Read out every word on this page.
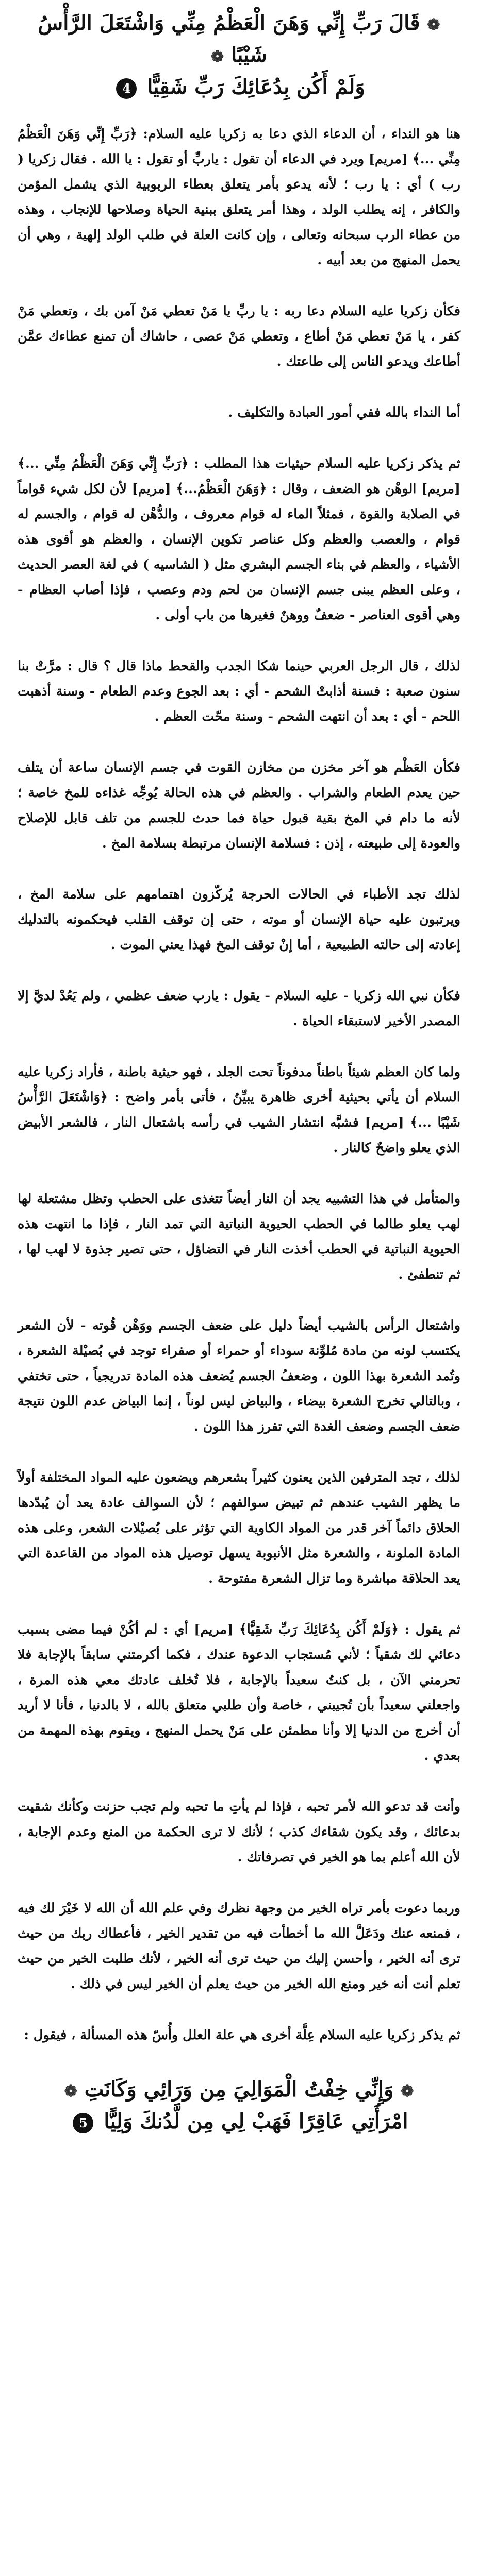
❁ قَالَ رَبِّ إِنِّي وَهَنَ الْعَظْمُ مِنِّي وَاشْتَعَلَ الرَّأْسُ شَيْبًا ❁
وَلَمْ أَكُن بِدُعَائِكَ رَبِّ شَقِيًّا 4

هنا هو النداء ، أن الدعاء الذي دعا به زكريا عليه السلام: ﴿رَبِّ إِنِّي وَهَنَ الْعَظْمُ مِنِّي ...﴾ [مريم] ويرد في الدعاء أن تقول : ياربِّ أو تقول : يا الله . فقال زكريا ( رب ) أي : يا رب ؛ لأنه يدعو بأمر يتعلق بعطاء الربوبية الذي يشمل المؤمن والكافر ، إنه يطلب الولد ، وهذا أمر يتعلق ببنية الحياة وصلاحها للإنجاب ، وهذه من عطاء الرب سبحانه وتعالى ، وإن كانت العلة في طلب الولد إلهية ، وهي أن يحمل المنهج من بعد أبيه .

فكأن زكريا عليه السلام دعا ربه : يا ربِّ يا مَنْ تعطي مَنْ آمن بك ، وتعطي مَنْ كفر ، يا مَنْ تعطي مَنْ أطاع ، وتعطي مَنْ عصى ، حاشاك أن تمنع عطاءك عمَّن أطاعك ويدعو الناس إلى طاعتك .

أما النداء بالله ففي أمور العبادة والتكليف .

ثم يذكر زكريا عليه السلام حيثيات هذا المطلب : ﴿رَبِّ إِنِّي وَهَنَ الْعَظْمُ مِنِّي ...﴾ [مريم] الوهْن هو الضعف ، وقال : ﴿وَهَنَ الْعَظْمُ...﴾ [مريم] لأن لكل شيء قواماً في الصلابة والقوة ، فمثلاً الماء له قوام معروف ، والدُّهْن له قوام ، والجسم له قوام ، والعصب والعظم وكل عناصر تكوين الإنسان ، والعظم هو أقوى هذه الأشياء ، والعظم في بناء الجسم البشري مثل ( الشاسيه ) في لغة العصر الحديث ، وعلى العظم يبنى جسم الإنسان من لحم ودم وعصب ، فإذا أصاب العظام - وهي أقوى العناصر - ضعفٌ ووهنٌ فغيرها من باب أولى .

لذلك ، قال الرجل العربي حينما شكا الجدب والقحط ماذا قال ؟ قال : مرَّتْ بنا سنون صعبة : فسنة أذابتْ الشحم - أي : بعد الجوع وعدم الطعام - وسنة أذهبت اللحم - أي : بعد أن انتهت الشحم - وسنة محّت العظم .

فكأن العَظْم هو آخر مخزن من مخازن القوت في جسم الإنسان ساعة أن يتلف حين يعدم الطعام والشراب . والعظم في هذه الحالة يُوجِّه غذاءه للمخ خاصة ؛ لأنه ما دام في المخ بقية قبول حياة فما حدث للجسم من تلف قابل للإصلاح والعودة إلى طبيعته ، إذن : فسلامة الإنسان مرتبطة بسلامة المخ .

لذلك تجد الأطباء في الحالات الحرجة يُركّزون اهتمامهم على سلامة المخ ، ويرتبون عليه حياة الإنسان أو موته ، حتى إن توقف القلب فيحكمونه بالتدليك إعادته إلى حالته الطبيعية ، أما إنْ توقف المخ فهذا يعني الموت .

فكأن نبي الله زكريا - عليه السلام - يقول : يارب ضعف عظمي ، ولم يَعُدْ لديَّ إلا المصدر الأخير لاستبقاء الحياة .

ولما كان العظم شيئاً باطناً مدفوناً تحت الجلد ، فهو حيثية باطنة ، فأراد زكريا عليه السلام أن يأتي بحيثية أخرى ظاهرة يبيِّنُ ، فأتى بأمر واضح : ﴿وَاشْتَعَلَ الرَّأْسُ شَيْبًا ...﴾ [مريم] فشبَّه انتشار الشيب في رأسه باشتعال النار ، فالشعر الأبيض الذي يعلو واضحٌ كالنار .

والمتأمل في هذا التشبيه يجد أن النار أيضاً تتغذى على الحطب وتظل مشتعلة لها لهب يعلو طالما في الحطب الحيوية النباتية التي تمد النار ، فإذا ما انتهت هذه الحيوية النباتية في الحطب أخذت النار في التضاؤل ، حتى تصير جذوة لا لهب لها ، ثم تنطفئ .

واشتعال الرأس بالشيب أيضاً دليل على ضعف الجسم ووَهْن قُوته - لأن الشعر يكتسب لونه من مادة مُلوِّنة سوداء أو حمراء أو صفراء توجد في بُصيْلة الشعرة ، وتُمد الشعرة بهذا اللون ، وضعفُ الجسم يُضعف هذه المادة تدريجياً ، حتى تختفي ، وبالتالي تخرج الشعرة بيضاء ، والبياض ليس لوناً ، إنما البياض عدم اللون نتيجة ضعف الجسم وضعف الغدة التي تفرز هذا اللون .

لذلك ، تجد المترفين الذين يعنون كثيراً بشعرهم ويضعون عليه المواد المختلفة أولاً ما يظهر الشيب عندهم ثم تبيض سوالفهم ؛ لأن السوالف عادة يعد أن يُبدّدها الحلاق دائماً آخر قدر من المواد الكاوية التي تؤثر على بُصيْلات الشعر، وعلى هذه المادة الملونة ، والشعرة مثل الأنبوبة يسهل توصيل هذه المواد من القاعدة التي يعد الحلاقة مباشرة وما تزال الشعرة مفتوحة .

ثم يقول : ﴿وَلَمْ أَكُن بِدُعَائِكَ رَبِّ شَقِيًّا﴾ [مريم] أي : لم أكُنْ فيما مضى بسبب دعائي لك شقياً ؛ لأني مُستجاب الدعوة عندك ، فكما أكرمتني سابقاً بالإجابة فلا تحرمني الآن ، بل كنتُ سعيداً بالإجابة ، فلا تُخلف عادتك معي هذه المرة ، واجعلني سعيداً بأن تُجيبني ، خاصة وأن طلبي متعلق بالله ، لا بالدنيا ، فأنا لا أريد أن أخرج من الدنيا إلا وأنا مطمئن على مَنْ يحمل المنهج ، ويقوم بهذه المهمة من بعدي .

وأنت قد تدعو الله لأمر تحبه ، فإذا لم يأتِ ما تحبه ولم تجب حزنت وكأنك شقيت بدعائك ، وقد يكون شقاءك كذب ؛ لأنك لا ترى الحكمة من المنع وعدم الإجابة ، لأن الله أعلم بما هو الخير في تصرفاتك .

وربما دعوت بأمر تراه الخير من وجهة نظرك وفي علم الله أن الله لا خَيْرَ لك فيه ، فمنعه عنك ودَعَلَّ الله ما أخطأت فيه من تقدير الخير ، فأعطاك ربك من حيث ترى أنه الخير ، وأحسن إليك من حيث ترى أنه الخير ، لأنك طلبت الخير من حيث تعلم أنت أنه خير ومنع الله الخير من حيث يعلم أن الخير ليس في ذلك .

ثم يذكر زكريا عليه السلام عِلَّة أخرى هي علة العلل وأُسّ هذه المسألة ، فيقول :

❁ وَإِنِّي خِفْتُ الْمَوَالِيَ مِن وَرَائِي وَكَانَتِ ❁
امْرَأَتِي عَاقِرًا فَهَبْ لِي مِن لَّدُنكَ وَلِيًّا 5
